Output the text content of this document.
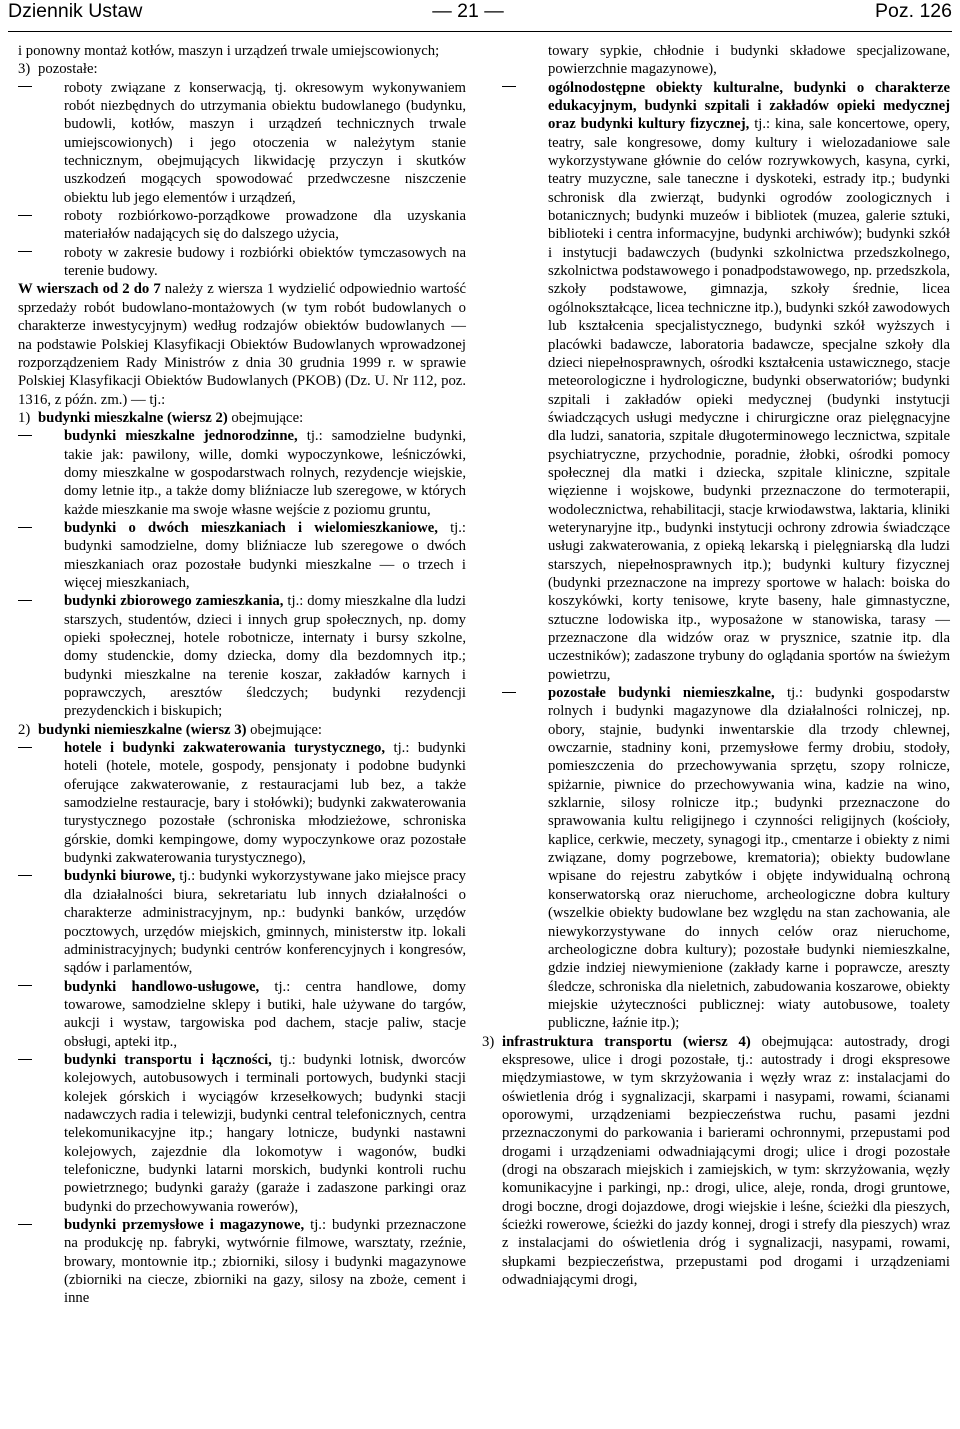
Dziennik Ustaw	— 21 —	Poz. 126

i ponowny montaż kotłów, maszyn i urządzeń trwale umiejscowionych;

3) pozostałe:

roboty związane z konserwacją, tj. okresowym wykonywaniem robót niezbędnych do utrzymania obiektu budowlanego (budynku, budowli, kotłów, maszyn i urządzeń technicznych trwale umiejscowionych) i jego otoczenia w należytym stanie technicznym, obejmujących likwidację przyczyn i skutków uszkodzeń mogących spowodować przedwczesne niszczenie obiektu lub jego elementów i urządzeń,

roboty rozbiórkowo-porządkowe prowadzone dla uzyskania materiałów nadających się do dalszego użycia,

roboty w zakresie budowy i rozbiórki obiektów tymczasowych na terenie budowy.

W wierszach od 2 do 7 należy z wiersza 1 wydzielić odpowiednio wartość sprzedaży robót budowlano-montażowych (w tym robót budowlanych o charakterze inwestycyjnym) według rodzajów obiektów budowlanych — na podstawie Polskiej Klasyfikacji Obiektów Budowlanych wprowadzonej rozporządzeniem Rady Ministrów z dnia 30 grudnia 1999 r. w sprawie Polskiej Klasyfikacji Obiektów Budowlanych (PKOB) (Dz. U. Nr 112, poz. 1316, z późn. zm.) — tj.:

1) budynki mieszkalne (wiersz 2) obejmujące:

budynki mieszkalne jednorodzinne, tj.: samodzielne budynki, takie jak: pawilony, wille, domki wypoczynkowe, leśniczówki, domy mieszkalne w gospodarstwach rolnych, rezydencje wiejskie, domy letnie itp., a także domy bliźniacze lub szeregowe, w których każde mieszkanie ma swoje własne wejście z poziomu gruntu,

budynki o dwóch mieszkaniach i wielomieszkaniowe, tj.: budynki samodzielne, domy bliźniacze lub szeregowe o dwóch mieszkaniach oraz pozostałe budynki mieszkalne — o trzech i więcej mieszkaniach,

budynki zbiorowego zamieszkania, tj.: domy mieszkalne dla ludzi starszych, studentów, dzieci i innych grup społecznych, np. domy opieki społecznej, hotele robotnicze, internaty i bursy szkolne, domy studenckie, domy dziecka, domy dla bezdomnych itp.; budynki mieszkalne na terenie koszar, zakładów karnych i poprawczych, aresztów śledczych; budynki rezydencji prezydenckich i biskupich;

2) budynki niemieszkalne (wiersz 3) obejmujące:

hotele i budynki zakwaterowania turystycznego, tj.: budynki hoteli (hotele, motele, gospody, pensjonaty i podobne budynki oferujące zakwaterowanie, z restauracjami lub bez, a także samodzielne restauracje, bary i stołówki); budynki zakwaterowania turystycznego pozostałe (schroniska młodzieżowe, schroniska górskie, domki kempingowe, domy wypoczynkowe oraz pozostałe budynki zakwaterowania turystycznego),

budynki biurowe, tj.: budynki wykorzystywane jako miejsce pracy dla działalności biura, sekretariatu lub innych działalności o charakterze administracyjnym, np.: budynki banków, urzędów pocztowych, urzędów miejskich, gminnych, ministerstw itp. lokali administracyjnych; budynki centrów konferencyjnych i kongresów, sądów i parlamentów,

budynki handlowo-usługowe, tj.: centra handlowe, domy towarowe, samodzielne sklepy i butiki, hale używane do targów, aukcji i wystaw, targowiska pod dachem, stacje paliw, stacje obsługi, apteki itp.,

budynki transportu i łączności, tj.: budynki lotnisk, dworców kolejowych, autobusowych i terminali portowych, budynki stacji kolejek górskich i wyciągów krzesełkowych; budynki stacji nadawczych radia i telewizji, budynki central telefonicznych, centra telekomunikacyjne itp.; hangary lotnicze, budynki nastawni kolejowych, zajezdnie dla lokomotyw i wagonów, budki telefoniczne, budynki latarni morskich, budynki kontroli ruchu powietrznego; budynki garaży (garaże i zadaszone parkingi oraz budynki do przechowywania rowerów),

budynki przemysłowe i magazynowe, tj.: budynki przeznaczone na produkcję np. fabryki, wytwórnie filmowe, warsztaty, rzeźnie, browary, montownie itp.; zbiorniki, silosy i budynki magazynowe (zbiorniki na ciecze, zbiorniki na gazy, silosy na zboże, cement i inne

towary sypkie, chłodnie i budynki składowe specjalizowane, powierzchnie magazynowe),

ogólnodostępne obiekty kulturalne, budynki o charakterze edukacyjnym, budynki szpitali i zakładów opieki medycznej oraz budynki kultury fizycznej, tj.: kina, sale koncertowe, opery, teatry, sale kongresowe, domy kultury i wielozadaniowe sale wykorzystywane głównie do celów rozrywkowych, kasyna, cyrki, teatry muzyczne, sale taneczne i dyskoteki, estrady itp.; budynki schronisk dla zwierząt, budynki ogrodów zoologicznych i botanicznych; budynki muzeów i bibliotek (muzea, galerie sztuki, biblioteki i centra informacyjne, budynki archiwów); budynki szkół i instytucji badawczych (budynki szkolnictwa przedszkolnego, szkolnictwa podstawowego i ponadpodstawowego, np. przedszkola, szkoły podstawowe, gimnazja, szkoły średnie, licea ogólnokształcące, licea techniczne itp.), budynki szkół zawodowych lub kształcenia specjalistycznego, budynki szkół wyższych i placówki badawcze, laboratoria badawcze, specjalne szkoły dla dzieci niepełnosprawnych, ośrodki kształcenia ustawicznego, stacje meteorologiczne i hydrologiczne, budynki obserwatoriów; budynki szpitali i zakładów opieki medycznej (budynki instytucji świadczących usługi medyczne i chirurgiczne oraz pielęgnacyjne dla ludzi, sanatoria, szpitale długoterminowego lecznictwa, szpitale psychiatryczne, przychodnie, poradnie, żłobki, ośrodki pomocy społecznej dla matki i dziecka, szpitale kliniczne, szpitale więzienne i wojskowe, budynki przeznaczone do termoterapii, wodolecznictwa, rehabilitacji, stacje krwiodawstwa, laktaria, kliniki weterynaryjne itp., budynki instytucji ochrony zdrowia świadczące usługi zakwaterowania, z opieką lekarską i pielęgniarską dla ludzi starszych, niepełnosprawnych itp.); budynki kultury fizycznej (budynki przeznaczone na imprezy sportowe w halach: boiska do koszykówki, korty tenisowe, kryte baseny, hale gimnastyczne, sztuczne lodowiska itp., wyposażone w stanowiska, tarasy — przeznaczone dla widzów oraz w prysznice, szatnie itp. dla uczestników); zadaszone trybuny do oglądania sportów na świeżym powietrzu,

pozostałe budynki niemieszkalne, tj.: budynki gospodarstw rolnych i budynki magazynowe dla działalności rolniczej, np. obory, stajnie, budynki inwentarskie dla trzody chlewnej, owczarnie, stadniny koni, przemysłowe fermy drobiu, stodoły, pomieszczenia do przechowywania sprzętu, szopy rolnicze, spiżarnie, piwnice do przechowywania wina, kadzie na wino, szklarnie, silosy rolnicze itp.; budynki przeznaczone do sprawowania kultu religijnego i czynności religijnych (kościoły, kaplice, cerkwie, meczety, synagogi itp., cmentarze i obiekty z nimi związane, domy pogrzebowe, krematoria); obiekty budowlane wpisane do rejestru zabytków i objęte indywidualną ochroną konserwatorską oraz nieruchome, archeologiczne dobra kultury (wszelkie obiekty budowlane bez względu na stan zachowania, ale niewykorzystywane do innych celów oraz nieruchome, archeologiczne dobra kultury); pozostałe budynki niemieszkalne, gdzie indziej niewymienione (zakłady karne i poprawcze, areszty śledcze, schroniska dla nieletnich, zabudowania koszarowe, obiekty miejskie użyteczności publicznej: wiaty autobusowe, toalety publiczne, łaźnie itp.);

3) infrastruktura transportu (wiersz 4) obejmująca: autostrady, drogi ekspresowe, ulice i drogi pozostałe, tj.: autostrady i drogi ekspresowe międzymiastowe, w tym skrzyżowania i węzły wraz z: instalacjami do oświetlenia dróg i sygnalizacji, skarpami i nasypami, rowami, ścianami oporowymi, urządzeniami bezpieczeństwa ruchu, pasami jezdni przeznaczonymi do parkowania i barierami ochronnymi, przepustami pod drogami i urządzeniami odwadniającymi drogi; ulice i drogi pozostałe (drogi na obszarach miejskich i zamiejskich, w tym: skrzyżowania, węzły komunikacyjne i parkingi, np.: drogi, ulice, aleje, ronda, drogi gruntowe, drogi boczne, drogi dojazdowe, drogi wiejskie i leśne, ścieżki dla pieszych, ścieżki rowerowe, ścieżki do jazdy konnej, drogi i strefy dla pieszych) wraz z instalacjami do oświetlenia dróg i sygnalizacji, nasypami, rowami, słupkami bezpieczeństwa, przepustami pod drogami i urządzeniami odwadniającymi drogi,
